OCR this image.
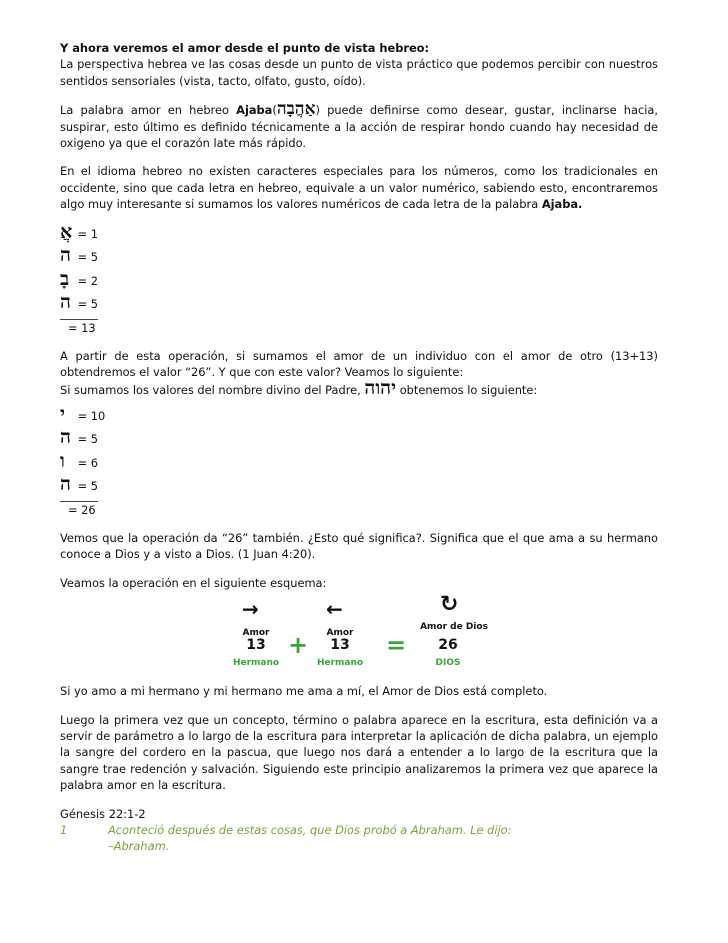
Y ahora veremos el amor desde el punto de vista hebreo:

La perspectiva hebrea ve las cosas desde un punto de vista práctico que podemos percibir con nuestros sentidos sensoriales (vista, tacto, olfato, gusto, oído).

La palabra amor en hebreo Ajaba(אַהֲבָה) puede definirse como desear, gustar, inclinarse hacia, suspirar, esto último es definido técnicamente a la acción de respirar hondo cuando hay necesidad de oxigeno ya que el corazón late más rápido.

En el idioma hebreo no existen caracteres especiales para los números, como los tradicionales en occidente, sino que cada letra en hebreo, equivale a un valor numérico, sabiendo esto, encontraremos algo muy interesante si sumamos los valores numéricos de cada letra de la palabra Ajaba.

אֲ = 1
ה = 5
בָ = 2
ה = 5
= 13

A partir de esta operación, si sumamos el amor de un individuo con el amor de otro (13+13) obtendremos el valor “26”. Y que con este valor? Veamos lo siguiente:

Si sumamos los valores del nombre divino del Padre, יהוה obtenemos lo siguiente:

י = 10
ה = 5
ו = 6
ה = 5
= 26

Vemos que la operación da “26” también. ¿Esto qué significa?. Significa que el que ama a su hermano conoce a Dios y a visto a Dios. (1 Juan 4:20).

Veamos la operación en el siguiente esquema:

→
Amor
13
Hermano
+
←
Amor
13
Hermano
=
↻
Amor de Dios
26
DIOS

Si yo amo a mi hermano y mi hermano me ama a mí, el Amor de Dios está completo.

Luego la primera vez que un concepto, término o palabra aparece en la escritura, esta definición va a servir de parámetro a lo largo de la escritura para interpretar la aplicación de dicha palabra, un ejemplo la sangre del cordero en la pascua, que luego nos dará a entender a lo largo de la escritura que la sangre trae redención y salvación. Siguiendo este principio analizaremos la primera vez que aparece la palabra amor en la escritura.

Génesis 22:1-2

1	Aconteció después de estas cosas, que Dios probó a Abraham. Le dijo:
–Abraham.
